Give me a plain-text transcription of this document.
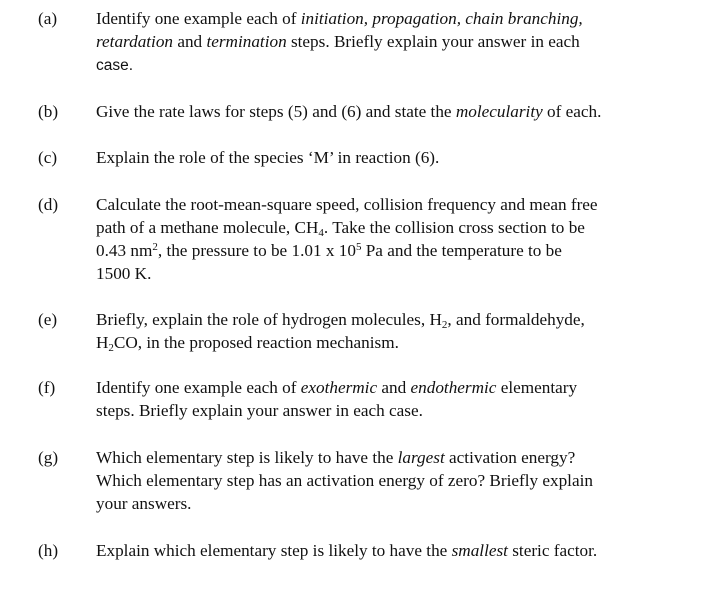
(a) Identify one example each of initiation, propagation, chain branching,
retardation and termination steps. Briefly explain your answer in each
case.
(b) Give the rate laws for steps (5) and (6) and state the molecularity of each.
(c) Explain the role of the species ‘M’ in reaction (6).
(d) Calculate the root-mean-square speed, collision frequency and mean free
path of a methane molecule, $CH_4$. Take the collision cross section to be
0.43 $nm^2$, the pressure to be 1.01 x $10^5$ Pa and the temperature to be
1500 K.
(e) Briefly, explain the role of hydrogen molecules, $H_2$, and formaldehyde,
$H_2CO$, in the proposed reaction mechanism.
(f) Identify one example each of exothermic and endothermic elementary
steps. Briefly explain your answer in each case.
(g) Which elementary step is likely to have the largest activation energy?
Which elementary step has an activation energy of zero? Briefly explain
your answers.
(h) Explain which elementary step is likely to have the smallest steric factor.
